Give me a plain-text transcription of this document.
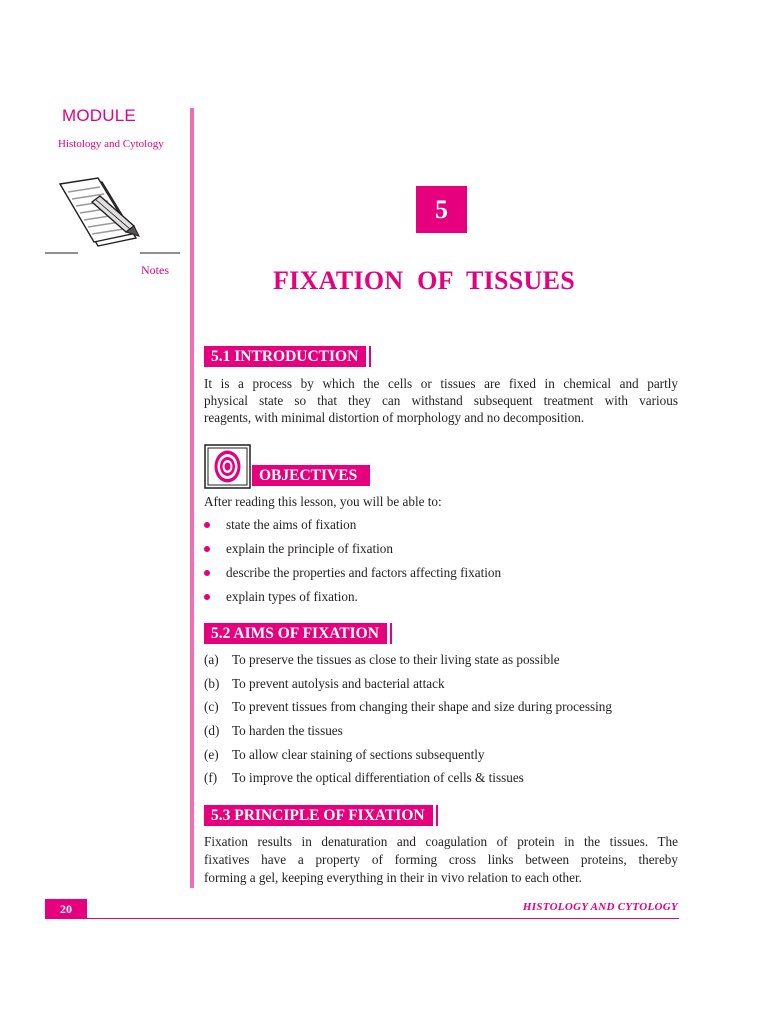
MODULE
Histology and Cytology
Notes
5
FIXATION  OF  TISSUES
5.1 INTRODUCTION
It is a process by which the cells or tissues are fixed in chemical and partly
physical state so that they can withstand subsequent treatment with various
reagents, with minimal distortion of morphology and no decomposition.
OBJECTIVES
After reading this lesson, you will be able to:
state the aims of fixation
explain the principle of fixation
describe the properties and factors affecting fixation
explain types of fixation.
5.2 AIMS OF FIXATION
(a) To preserve the tissues as close to their living state as possible
(b) To prevent autolysis and bacterial attack
(c) To prevent tissues from changing their shape and size during processing
(d) To harden the tissues
(e) To allow clear staining of sections subsequently
(f) To improve the optical differentiation of cells & tissues
5.3 PRINCIPLE OF FIXATION
Fixation results in denaturation and coagulation of protein in the tissues. The
fixatives have a property of forming cross links between proteins, thereby
forming a gel, keeping everything in their in vivo relation to each other.
20	HISTOLOGY AND CYTOLOGY
